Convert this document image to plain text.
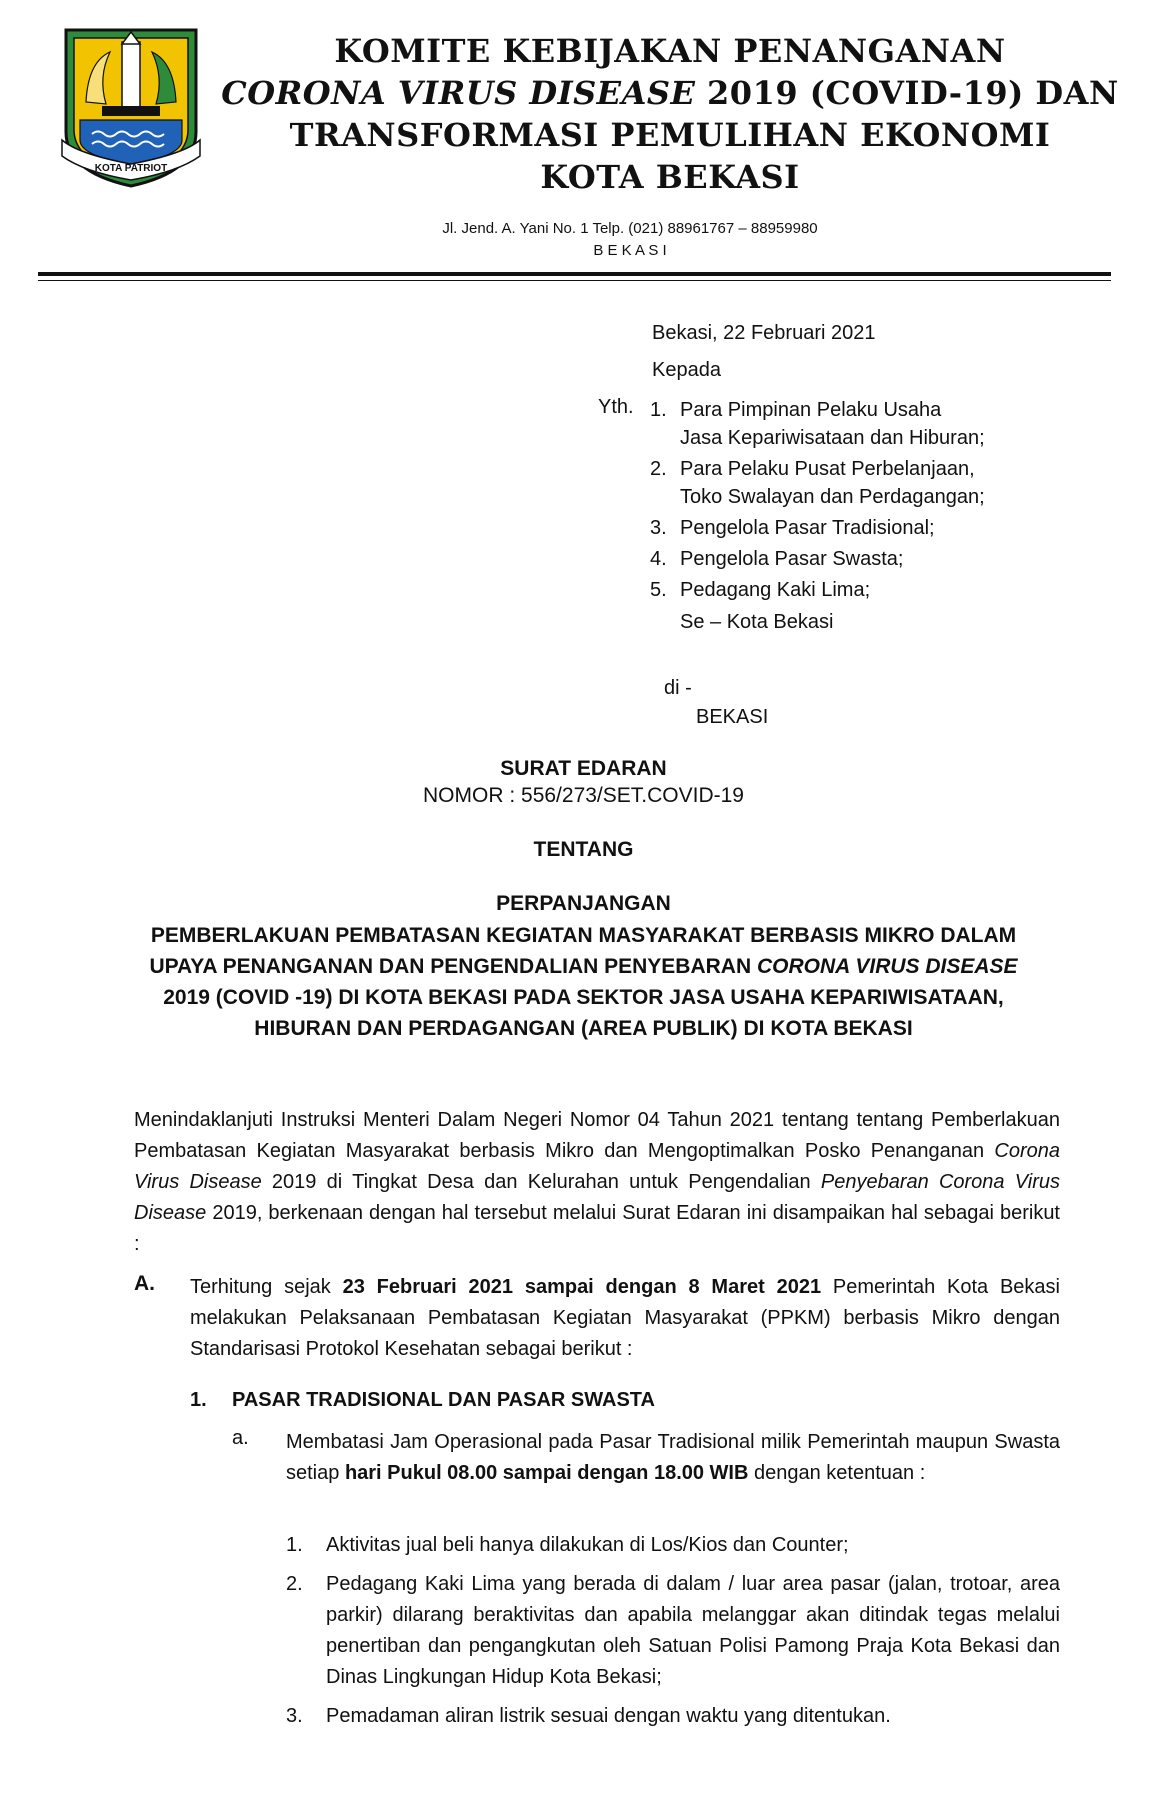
KOTA PATRIOT
KOMITE KEBIJAKAN PENANGANAN
CORONA VIRUS DISEASE 2019 (COVID-19) DAN
TRANSFORMASI PEMULIHAN EKONOMI
KOTA BEKASI
Jl. Jend. A. Yani No. 1 Telp. (021) 88961767 – 88959980
B E K A S I
Bekasi, 22 Februari 2021
Kepada
Yth. 1. Para Pimpinan Pelaku Usaha
Jasa Kepariwisataan dan Hiburan;
2. Para Pelaku Pusat Perbelanjaan,
Toko Swalayan dan Perdagangan;
3. Pengelola Pasar Tradisional;
4. Pengelola Pasar Swasta;
5. Pedagang Kaki Lima;
Se – Kota Bekasi
di -
BEKASI
SURAT EDARAN
NOMOR : 556/273/SET.COVID-19
TENTANG
PERPANJANGAN
PEMBERLAKUAN PEMBATASAN KEGIATAN MASYARAKAT BERBASIS MIKRO DALAM UPAYA PENANGANAN DAN PENGENDALIAN PENYEBARAN CORONA VIRUS DISEASE 2019 (COVID -19) DI KOTA BEKASI PADA SEKTOR JASA USAHA KEPARIWISATAAN, HIBURAN DAN PERDAGANGAN (AREA PUBLIK) DI KOTA BEKASI
Menindaklanjuti Instruksi Menteri Dalam Negeri Nomor 04 Tahun 2021 tentang tentang Pemberlakuan Pembatasan Kegiatan Masyarakat berbasis Mikro dan Mengoptimalkan Posko Penanganan Corona Virus Disease 2019 di Tingkat Desa dan Kelurahan untuk Pengendalian Penyebaran Corona Virus Disease 2019, berkenaan dengan hal tersebut melalui Surat Edaran ini disampaikan hal sebagai berikut :
A. Terhitung sejak 23 Februari 2021 sampai dengan 8 Maret 2021 Pemerintah Kota Bekasi melakukan Pelaksanaan Pembatasan Kegiatan Masyarakat (PPKM) berbasis Mikro dengan Standarisasi Protokol Kesehatan sebagai berikut :
1. PASAR TRADISIONAL DAN PASAR SWASTA
a. Membatasi Jam Operasional pada Pasar Tradisional milik Pemerintah maupun Swasta setiap hari Pukul 08.00 sampai dengan 18.00 WIB dengan ketentuan :
1.	Aktivitas jual beli hanya dilakukan di Los/Kios dan Counter;
2.	Pedagang Kaki Lima yang berada di dalam / luar area pasar (jalan, trotoar, area parkir) dilarang beraktivitas dan apabila melanggar akan ditindak tegas melalui penertiban dan pengangkutan oleh Satuan Polisi Pamong Praja Kota Bekasi dan Dinas Lingkungan Hidup Kota Bekasi;
3.	Pemadaman aliran listrik sesuai dengan waktu yang ditentukan.
